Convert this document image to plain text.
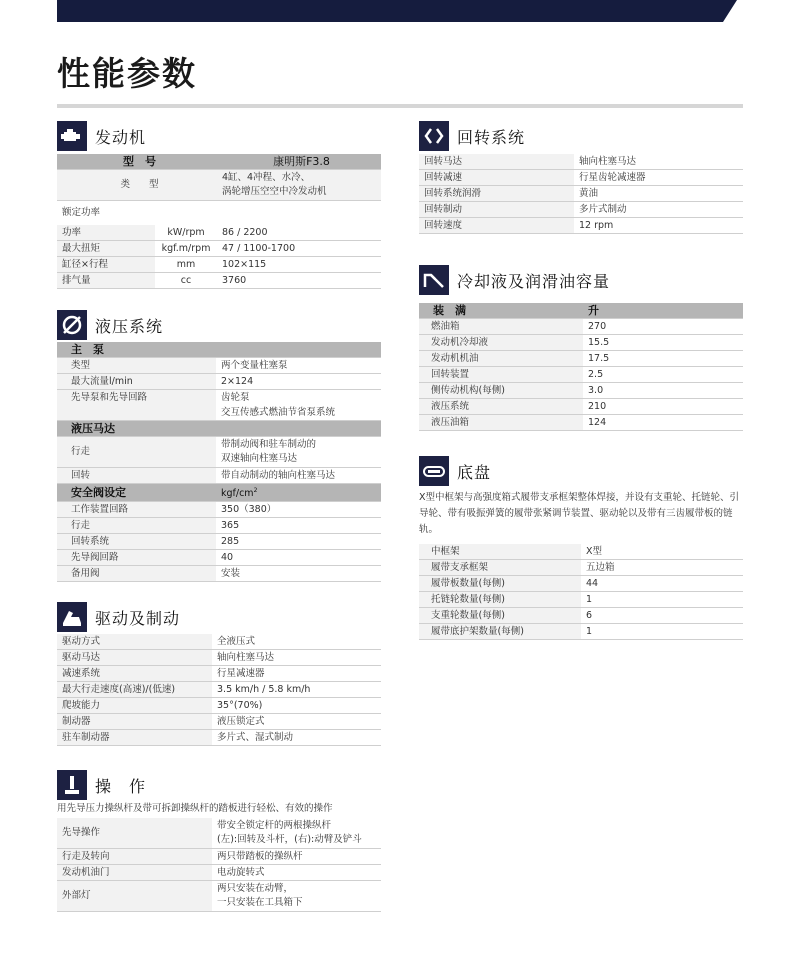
性能参数
发动机
型　号		康明斯F3.8
类　　型		4缸、4冲程、水冷、
涡轮增压空空中冷发动机
额定功率		
功率	kW/rpm	86 / 2200
最大扭矩	kgf.m/rpm	47 / 1100-1700
缸径×行程	mm	102×115
排气量	cc	3760
液压系统
主　泵	
类型	两个变量柱塞泵
最大流量l/min	2×124
先导泵和先导回路	齿轮泵
	交互传感式燃油节省泵系统
液压马达	
行走	带制动阀和驻车制动的
双速轴向柱塞马达
回转	带自动制动的轴向柱塞马达
安全阀设定	kgf/$cm^2$
工作装置回路	350（380）
行走	365
回转系统	285
先导阀回路	40
备用阀	安装
驱动及制动
驱动方式	全液压式
驱动马达	轴向柱塞马达
减速系统	行星减速器
最大行走速度(高速)/(低速)	3.5 km/h / 5.8 km/h
爬坡能力	35°(70%)
制动器	液压锁定式
驻车制动器	多片式、湿式制动
操　作
用先导压力操纵杆及带可拆卸操纵杆的踏板进行轻松、有效的操作
先导操作	带安全锁定杆的两根操纵杆
(左):回转及斗杆，(右):动臂及铲斗
行走及转向	两只带踏板的操纵杆
发动机油门	电动旋转式
外部灯	两只安装在动臂，
一只安装在工具箱下
回转系统
回转马达	轴向柱塞马达
回转减速	行星齿轮减速器
回转系统润滑	黄油
回转制动	多片式制动
回转速度	12 rpm
冷却液及润滑油容量
装　满	升
燃油箱	270
发动机冷却液	15.5
发动机机油	17.5
回转装置	2.5
侧传动机构(每侧)	3.0
液压系统	210
液压油箱	124
底盘
X型中框架与高强度箱式履带支承框架整体焊接，并设有支重轮、托链轮、引导轮、带有吸振弹簧的履带张紧调节装置、驱动轮以及带有三齿履带板的链轨。
中框架	X型
履带支承框架	五边箱
履带板数量(每侧)	44
托链轮数量(每侧)	1
支重轮数量(每侧)	6
履带底护架数量(每侧)	1
